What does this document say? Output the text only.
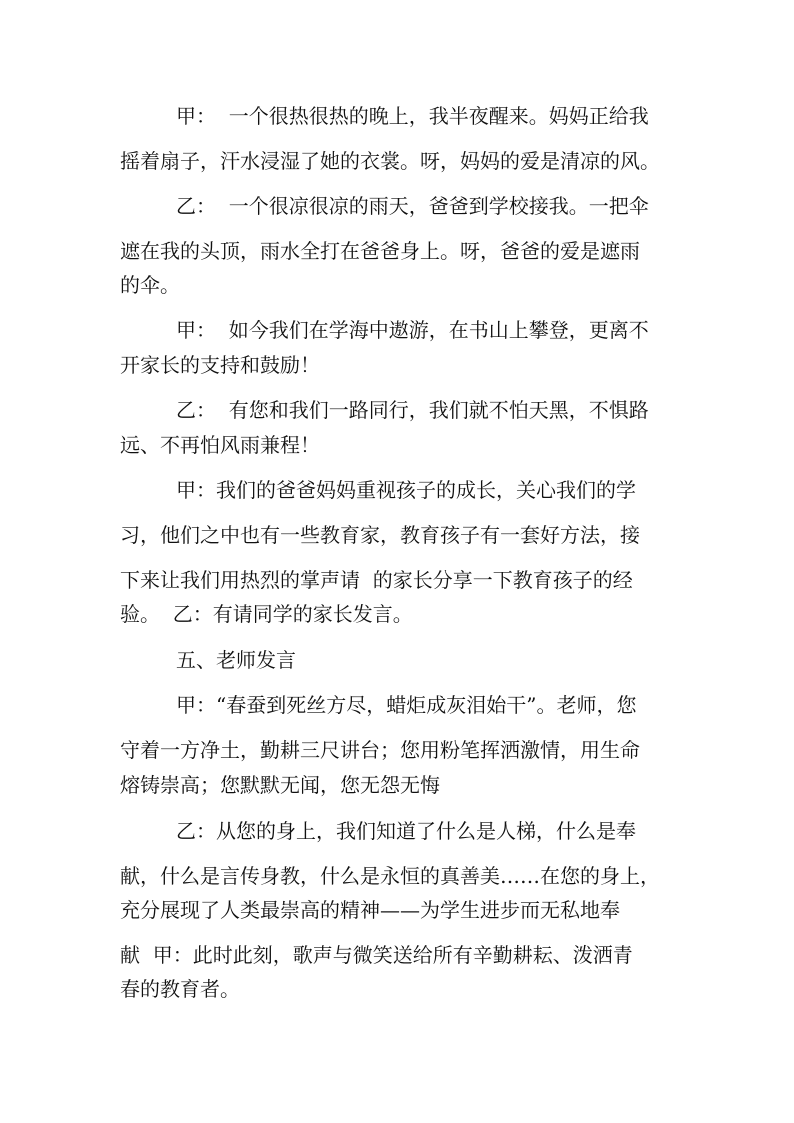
甲：  一个很热很热的晚上，我半夜醒来。妈妈正给我
摇着扇子，汗水浸湿了她的衣裳。呀，妈妈的爱是清凉的风。
乙：  一个很凉很凉的雨天，爸爸到学校接我。一把伞
遮在我的头顶，雨水全打在爸爸身上。呀，爸爸的爱是遮雨
的伞。
甲：  如今我们在学海中遨游，在书山上攀登，更离不
开家长的支持和鼓励！
乙：  有您和我们一路同行，我们就不怕天黑，不惧路
远、不再怕风雨兼程！
甲：我们的爸爸妈妈重视孩子的成长，关心我们的学
习，他们之中也有一些教育家，教育孩子有一套好方法，接
下来让我们用热烈的掌声请  的家长分享一下教育孩子的经
验。  乙：有请同学的家长发言。
五、老师发言
甲：“春蚕到死丝方尽，蜡炬成灰泪始干”。老师，您
守着一方净土，勤耕三尺讲台；您用粉笔挥洒激情，用生命
熔铸崇高；您默默无闻，您无怨无悔
乙：从您的身上，我们知道了什么是人梯，什么是奉
献，什么是言传身教，什么是永恒的真善美……在您的身上，
充分展现了人类最崇高的精神——为学生进步而无私地奉
献  甲：此时此刻，歌声与微笑送给所有辛勤耕耘、泼洒青
春的教育者。
